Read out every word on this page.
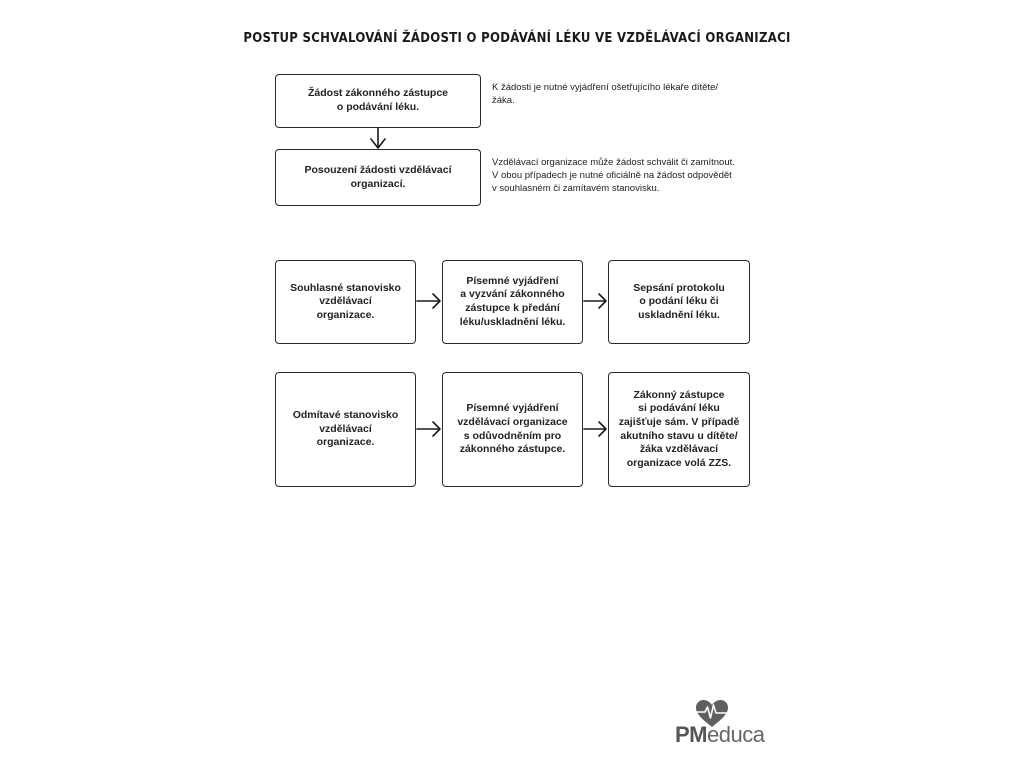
POSTUP SCHVALOVÁNÍ ŽÁDOSTI O PODÁVÁNÍ LÉKU VE VZDĚLÁVACÍ ORGANIZACI
Žádost zákonného zástupce
o podávání léku.
K žádosti je nutné vyjádření ošetřujícího lékaře dítěte/
žáka.
Posouzení žádosti vzdělávací
organizací.
Vzdělávací organizace může žádost schválit či zamítnout.
V obou případech je nutné oficiálně na žádost odpovědět
v souhlasném či zamítavém stanovisku.
Souhlasné stanovisko
vzdělávací
organizace.
Písemné vyjádření
a vyzvání zákonného
zástupce k předání
léku/uskladnění léku.
Sepsání protokolu
o podání léku či
uskladnění léku.
Odmítavé stanovisko
vzdělávací
organizace.
Písemné vyjádření
vzdělávací organizace
s odůvodněním pro
zákonného zástupce.
Zákonný zástupce
si podávání léku
zajišťuje sám. V případě
akutního stavu u dítěte/
žáka vzdělávací
organizace volá ZZS.
PMeduca
